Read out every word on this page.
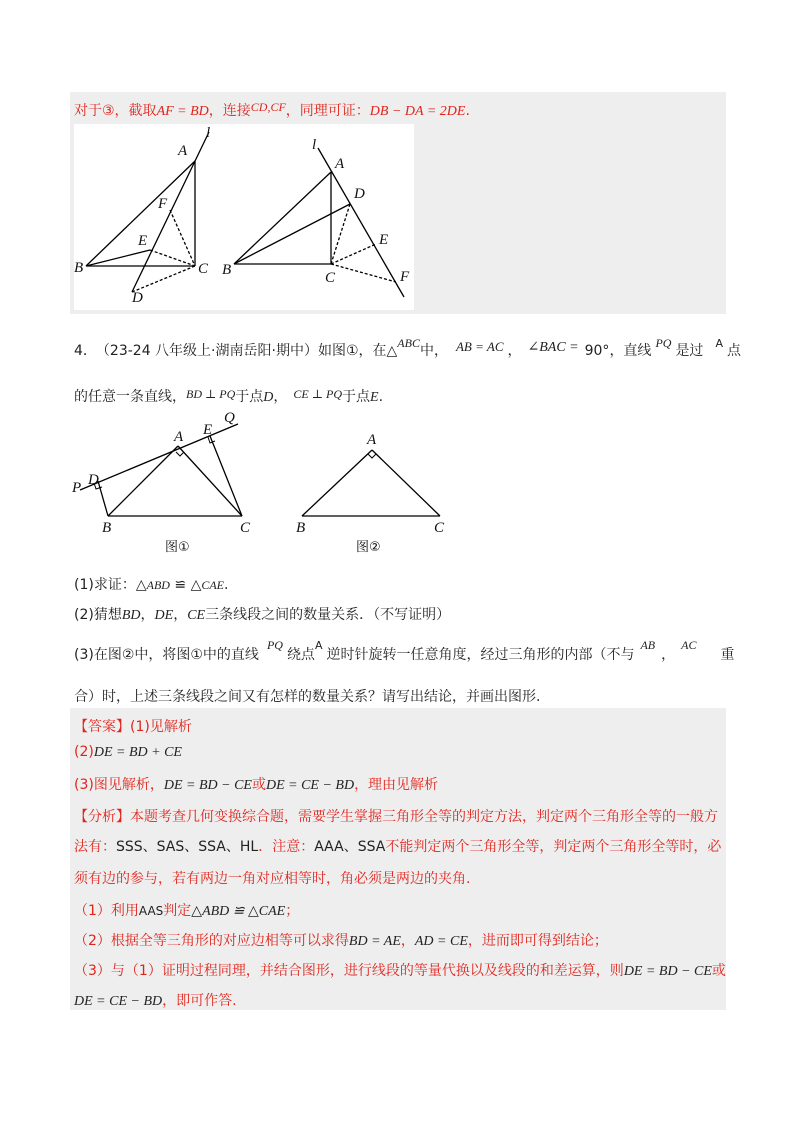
对于③，截取AF = BD，连接CD,CF，同理可证：DB − DA = 2DE.
A
l
F
E
B	C
D
l
A
D
E
B	C	F
4． （23-24 八年级上·湖南岳阳·期中）如图①，在△ABC中， AB = AC ， ∠BAC = 90°，直线 PQ 是过 $^A$ 点
的任意一条直线，BD ⊥ PQ于点D， CE ⊥ PQ于点E.
Q
E
A
D
P
B	C
图①
A
B	C
图②
(1)求证：△ABD ≌ △CAE.
(2)猜想BD，DE，CE三条线段之间的数量关系．（不写证明）
(3)在图②中，将图①中的直线PQ绕点$^A$逆时针旋转一任意角度，经过三角形的内部（不与AB，AC重
合）时，上述三条线段之间又有怎样的数量关系？请写出结论，并画出图形.
【答案】(1)见解析
(2)DE = BD + CE
(3)图见解析，DE = BD − CE或DE = CE − BD，理由见解析
【分析】本题考查几何变换综合题，需要学生掌握三角形全等的判定方法，判定两个三角形全等的一般方
法有：SSS、SAS、SSA、HL．注意：AAA、SSA不能判定两个三角形全等，判定两个三角形全等时，必
须有边的参与，若有两边一角对应相等时，角必须是两边的夹角.
（1）利用AAS判定△ABD ≌ △CAE；
（2）根据全等三角形的对应边相等可以求得BD = AE，AD = CE，进而即可得到结论；
（3）与（1）证明过程同理，并结合图形，进行线段的等量代换以及线段的和差运算，则DE = BD − CE或
DE = CE − BD，即可作答.
